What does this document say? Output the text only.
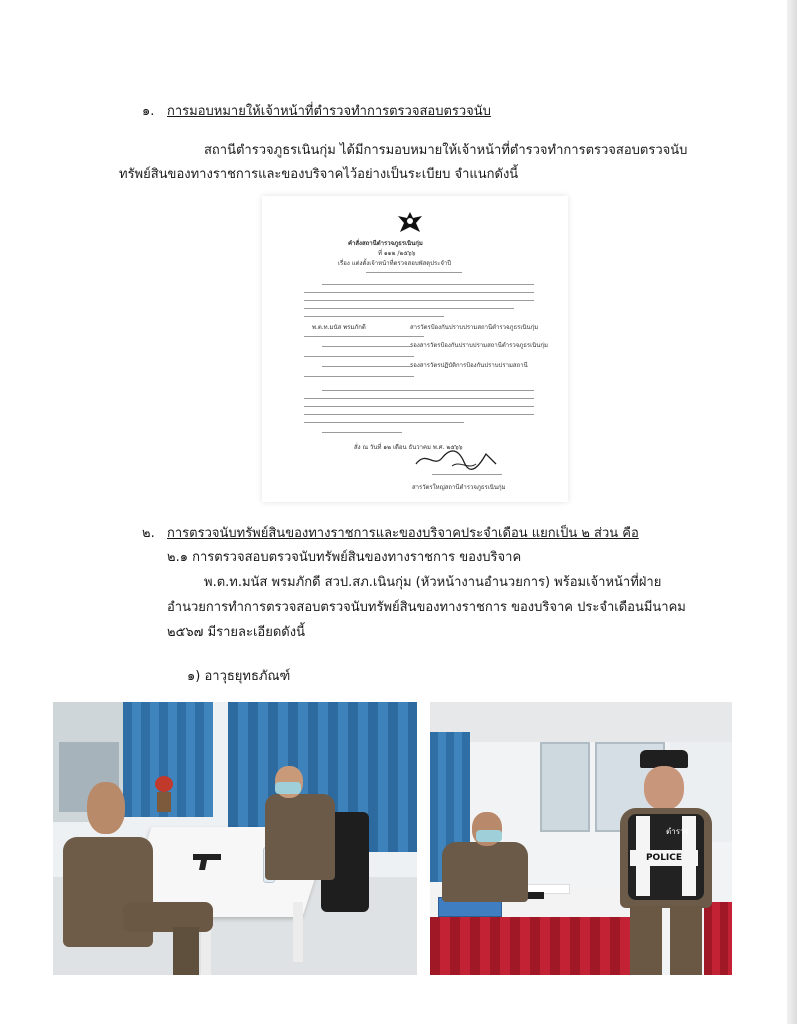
๑. การมอบหมายให้เจ้าหน้าที่ตำรวจทำการตรวจสอบตรวจนับ
สถานีตำรวจภูธรเนินกุ่ม ได้มีการมอบหมายให้เจ้าหน้าที่ตำรวจทำการตรวจสอบตรวจนับ
ทรัพย์สินของทางราชการและของบริจาคไว้อย่างเป็นระเบียบ จำแนกดังนี้
คำสั่งสถานีตำรวจภูธรเนินกุ่ม
ที่ ๑๑๒ /๒๕๖๖
เรื่อง แต่งตั้งเจ้าหน้าที่ตรวจสอบพัสดุประจำปี
พ.ต.ท.มนัส พรมภักดี	สารวัตรป้องกันปราบปรามสถานีตำรวจภูธรเนินกุ่ม
รองสารวัตรป้องกันปราบปรามสถานีตำรวจภูธรเนินกุ่ม
รองสารวัตรปฏิบัติการป้องกันปราบปรามสถานี
สั่ง ณ วันที่ ๑๒ เดือน ธันวาคม พ.ศ. ๒๕๖๖
สารวัตรใหญ่สถานีตำรวจภูธรเนินกุ่ม
๒. การตรวจนับทรัพย์สินของทางราชการและของบริจาคประจำเดือน แยกเป็น ๒ ส่วน คือ
๒.๑ การตรวจสอบตรวจนับทรัพย์สินของทางราชการ ของบริจาค
พ.ต.ท.มนัส พรมภักดี สวป.สภ.เนินกุ่ม (หัวหน้างานอำนวยการ) พร้อมเจ้าหน้าที่ฝ่าย
อำนวยการทำการตรวจสอบตรวจนับทรัพย์สินของทางราชการ ของบริจาค ประจำเดือนมีนาคม
๒๕๖๗ มีรายละเอียดดังนี้
๑) อาวุธยุทธภัณฑ์
POLICE
ตำรวจ
